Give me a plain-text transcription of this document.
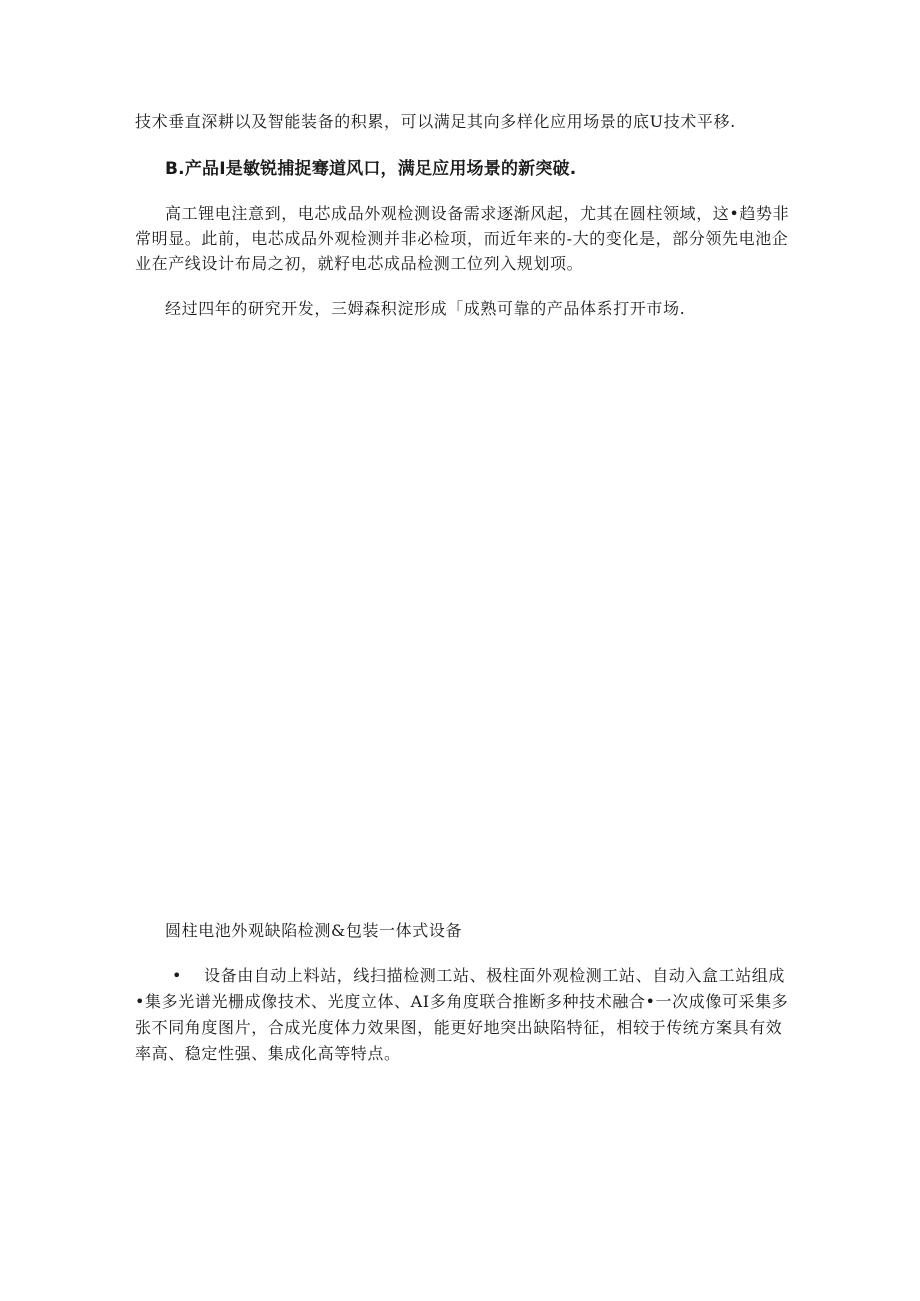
技术垂直深耕以及智能装备的积累，可以满足其向多样化应用场景的底U技术平移.

B.产品I是敏锐捕捉骞道风口，满足应用场景的新突破.

高工锂电注意到，电芯成品外观检测设备需求逐渐风起，尤其在圆柱领域，这•趋势非常明显。此前，电芯成品外观检测并非必检项，而近年来的-大的变化是，部分领先电池企业在产线设计布局之初，就籽电芯成品检测工位列入规划项。

经过四年的研究开发，三姆森积淀形成「成熟可靠的产品体系打开市场.

圆柱电池外观缺陷检测&包装一体式设备

• 设备由自动上料站，线扫描检测工站、极柱面外观检测工站、自动入盒工站组成•集多光谱光栅成像技术、光度立体、AI多角度联合推断多种技术融合•一次成像可采集多张不同角度图片，合成光度体力效果图，能更好地突出缺陷特征，相较于传统方案具有效率高、稳定性强、集成化高等特点。
